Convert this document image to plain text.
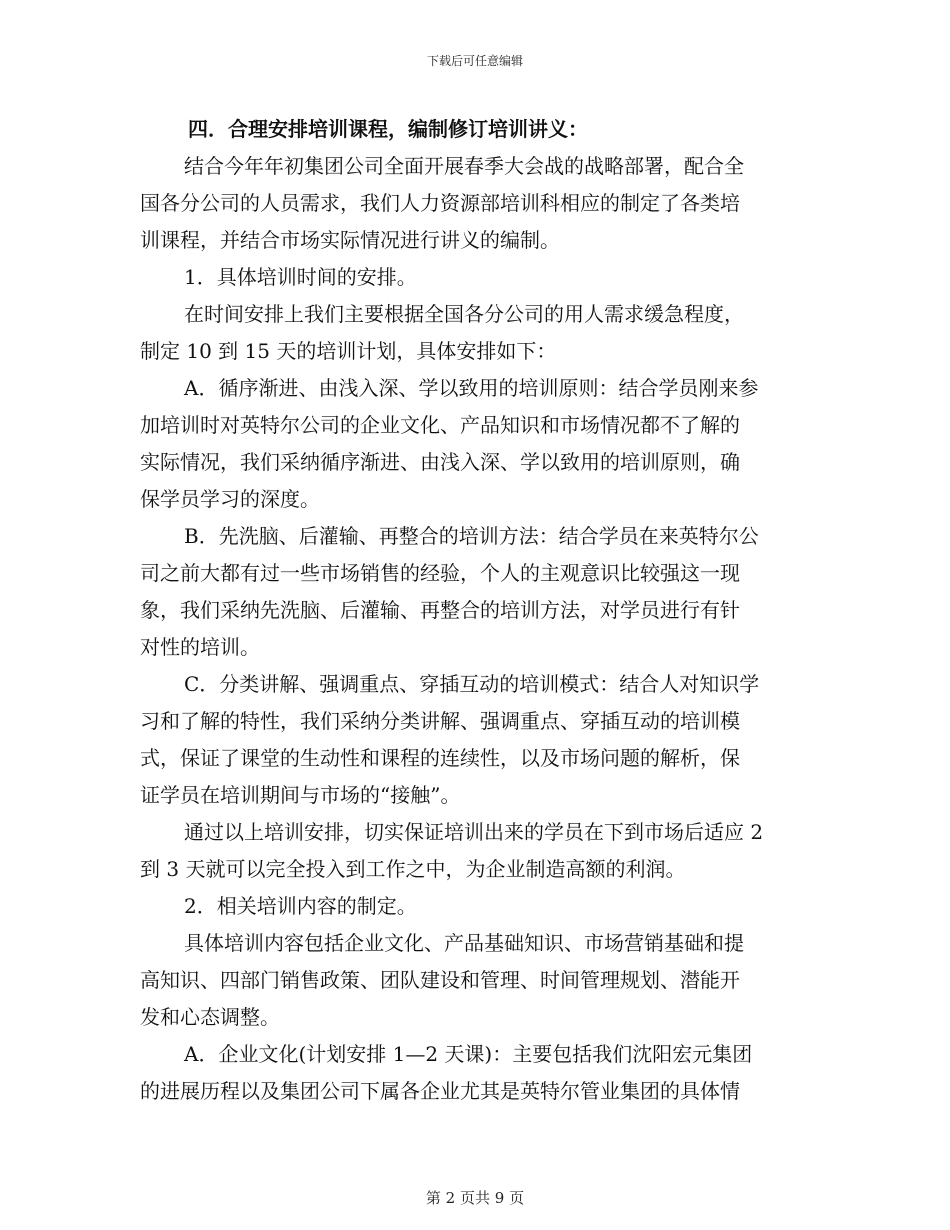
下载后可任意编辑
四．合理安排培训课程，编制修订培训讲义：
结合今年年初集团公司全面开展春季大会战的战略部署，配合全
国各分公司的人员需求，我们人力资源部培训科相应的制定了各类培
训课程，并结合市场实际情况进行讲义的编制。
1．具体培训时间的安排。
在时间安排上我们主要根据全国各分公司的用人需求缓急程度，
制定 10 到 15 天的培训计划，具体安排如下：
A．循序渐进、由浅入深、学以致用的培训原则：结合学员刚来参
加培训时对英特尔公司的企业文化、产品知识和市场情况都不了解的
实际情况，我们采纳循序渐进、由浅入深、学以致用的培训原则，确
保学员学习的深度。
B．先洗脑、后灌输、再整合的培训方法：结合学员在来英特尔公
司之前大都有过一些市场销售的经验，个人的主观意识比较强这一现
象，我们采纳先洗脑、后灌输、再整合的培训方法，对学员进行有针
对性的培训。
C．分类讲解、强调重点、穿插互动的培训模式：结合人对知识学
习和了解的特性，我们采纳分类讲解、强调重点、穿插互动的培训模
式，保证了课堂的生动性和课程的连续性，以及市场问题的解析，保
证学员在培训期间与市场的“接触”。
通过以上培训安排，切实保证培训出来的学员在下到市场后适应 2
到 3 天就可以完全投入到工作之中，为企业制造高额的利润。
2．相关培训内容的制定。
具体培训内容包括企业文化、产品基础知识、市场营销基础和提
高知识、四部门销售政策、团队建设和管理、时间管理规划、潜能开
发和心态调整。
A．企业文化(计划安排 1—2 天课)：主要包括我们沈阳宏元集团
的进展历程以及集团公司下属各企业尤其是英特尔管业集团的具体情
第 2 页共 9 页
